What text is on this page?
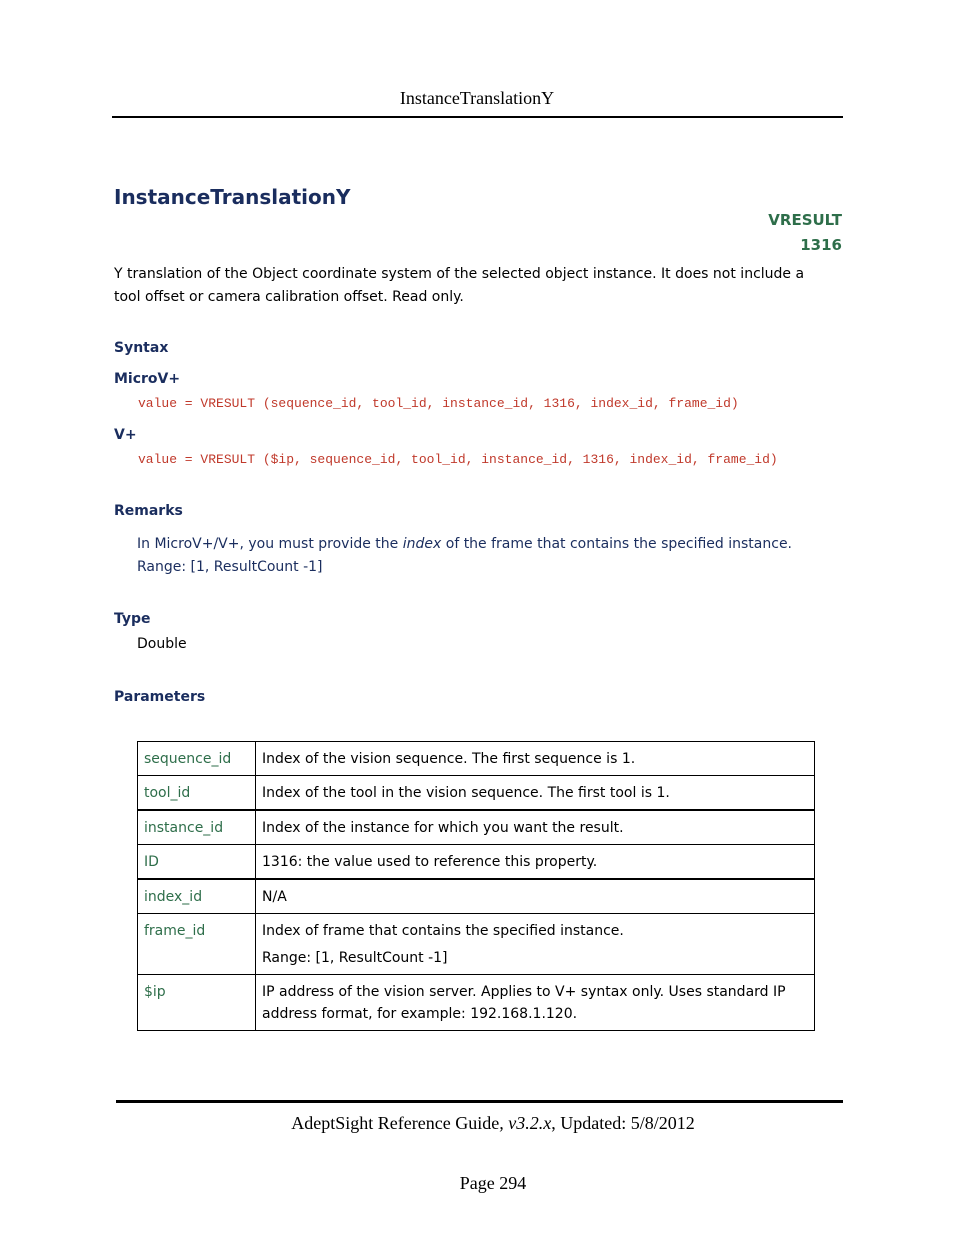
InstanceTranslationY
InstanceTranslationY
VRESULT
1316
Y translation of the Object coordinate system of the selected object instance. It does not include a tool offset or camera calibration offset. Read only.
Syntax
MicroV+
value = VRESULT (sequence_id, tool_id, instance_id, 1316, index_id, frame_id)
V+
value = VRESULT ($ip, sequence_id, tool_id, instance_id, 1316, index_id, frame_id)
Remarks
In MicroV+/V+, you must provide the index of the frame that contains the specified instance. Range: [1, ResultCount -1]
Type
Double
Parameters
sequence_id	Index of the vision sequence. The first sequence is 1.
tool_id	Index of the tool in the vision sequence. The first tool is 1.
instance_id	Index of the instance for which you want the result.
ID	1316: the value used to reference this property.
index_id	N/A
frame_id	Index of frame that contains the specified instance.
Range: [1, ResultCount -1]

$ip	IP address of the vision server. Applies to V+ syntax only. Uses standard IP address format, for example: 192.168.1.120.
AdeptSight Reference Guide, v3.2.x, Updated: 5/8/2012
Page 294
